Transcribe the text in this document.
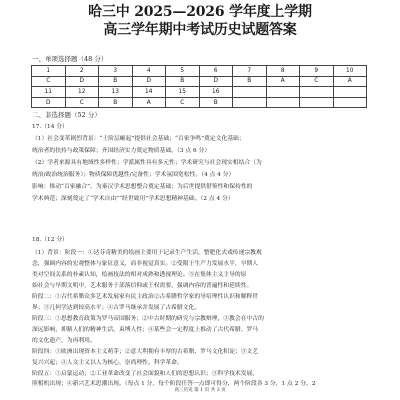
哈三中 2025—2026 学年度上学期
高三学年期中考试历史试题答案
一、单项选择题（48 分）
1	2	3	4	5	6	7	8	9	10
C	D	B	D	B	D	B	A	C	A
11	12	13	14	15	16				
D	C	B	A	C	B				
二、非选择题（52 分）
17.（14 分）
（1）社会变革剧烈背景：“士阶层崛起”提供社会基础；“百家争鸣”奠定文化基础；
统治者的扶持与政策保障；齐国经济实力奠定物质基础。（3 点 6 分）
（2）学者来源具有地域性多样性；学派属性具有多元性；学术研究与社会现实相结合（为
统治/政治统治服务）；物质保障优越性/完备性；学术氛围宽松性。（4 点 4 分）
影响：推动“百家融合”，为秦汉学术思想整合奠定基础；为后世提供借鉴性和保持性的
学术典范；深刻奠定了“学术自由”“经世致用”学术思想精神基础。（2 点 4 分）
18.（12 分）
（1）背景：阶段一：①达芬奇精美的绘画主要用于记录生产生活，整肥化式戏传递宗教观
念，强调内容的宏观整体与象征意义，而非视觉真实。②受限于生产力发展水平，早期人
类对空间关系的朴素认知，绘画技法的相对成熟和透视理论。③在集体主义主导的原
始社会与早期文明中，艺术服务于部落信仰或王权需要，强调内容的普遍性和延续性。
阶段二：①古代希腊众多艺术发展家有民主政治②古希腊哲学家的导培理性认识和解释世
界；③几何学达到较高水平；④古罗马继承并发展了古希腊文化。
阶段三：①思想教育政策为罗马帝国服务；②中古时期的研究与宗教辩理，③教会在中古的
深远影响，抑制人们的精神生活，束缚人性；④某些会一定程度上推动了古代希腊、罗马
的文化遗产，为再利用。
阶段四：①欧洲出现资本主义萌芽；②意大利拥有丰厚的古希腊、罗马文化积淀；③文艺
复兴兴起；④人文主义以人为核心，崇尚理性、科学革命。
阶段五：①启蒙运动；②工业革命改变了社会面貌和人们的思想认识；③科学技术发展，
照相机出现；④新兴艺术思潮出现。（每点 1 分，每个阶段任答一点即可得分，两个阶段各 3 分，1 点 2 分，2
高三历史 第 1 页 共 3 页
